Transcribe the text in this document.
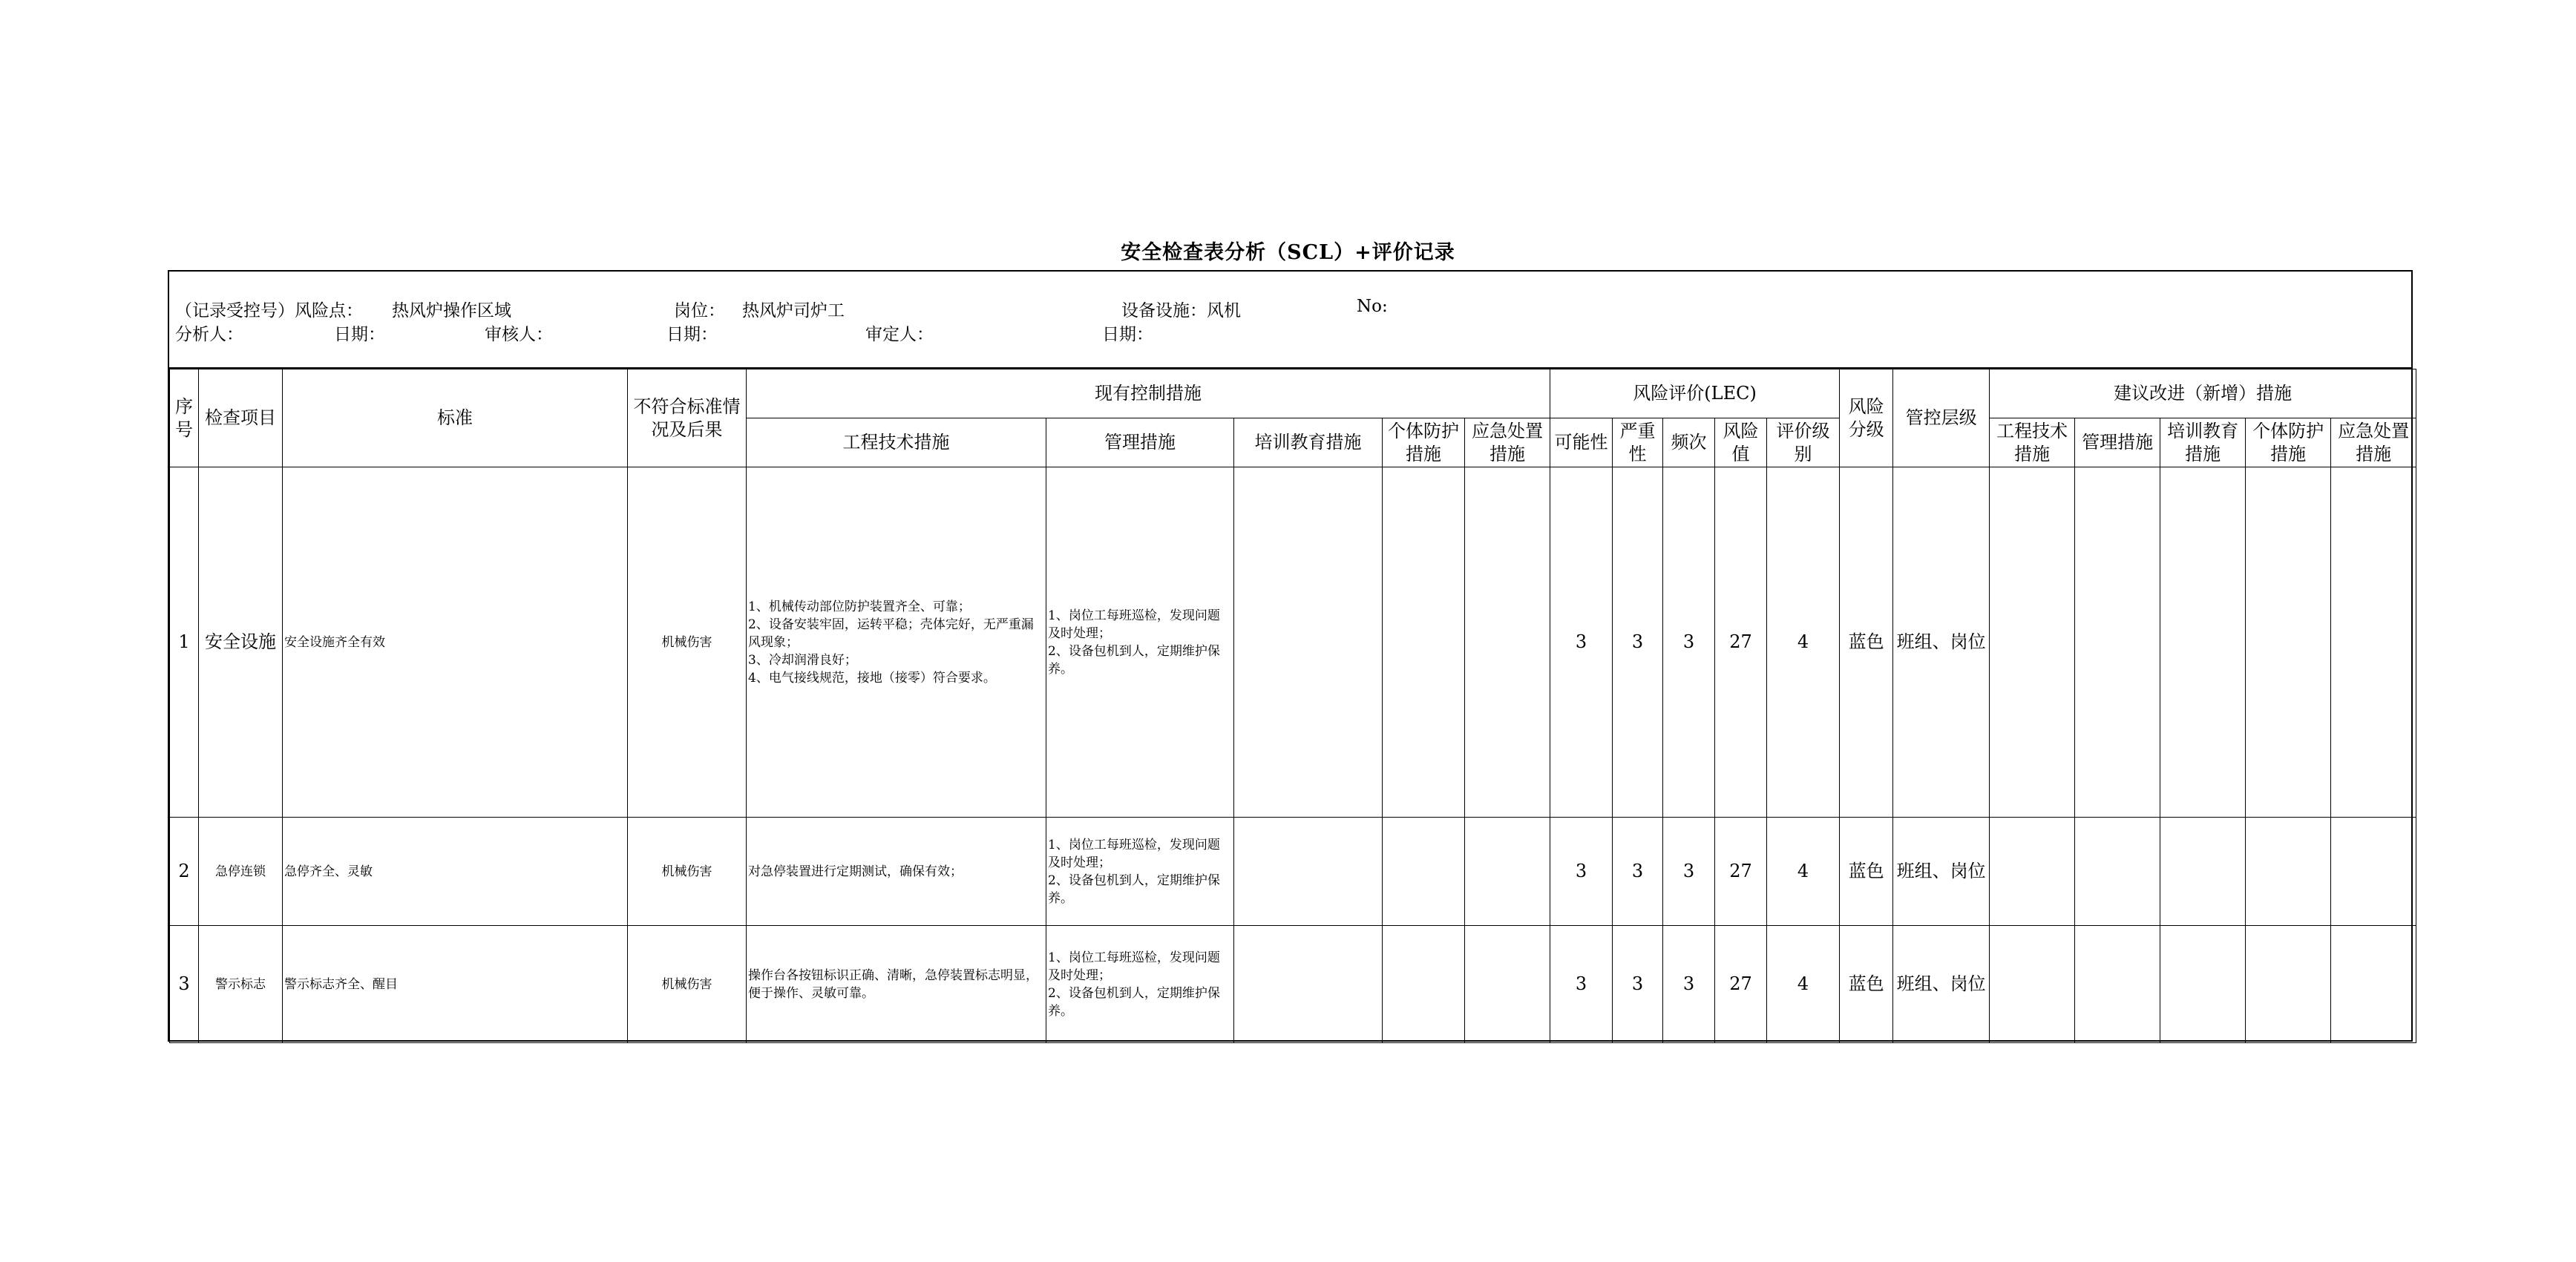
安全检查表分析（SCL）+评价记录
（记录受控号）风险点： 热风炉操作区域	岗位： 热风炉司炉工	设备设施：风机	No:
分析人：	日期：	审核人：	日期：	审定人：	日期：
序号	检查项目	标准	不符合标准情
况及后果	现有控制措施					风险评价(LEC)					风险分级	管控层级	建议改进（新增）措施				
				工程技术措施	管理措施	培训教育措施	个体防护措施	应急处置措施	可能性	严重性	频次	风险值	评价级别			工程技术措施	管理措施	培训教育措施	个体防护措施	应急处置措施
1	安全设施	安全设施齐全有效	机械伤害	1、机械传动部位防护装置齐全、可靠；
2、设备安装牢固，运转平稳；壳体完好，无严重漏风现象；
3、冷却润滑良好；
4、电气接线规范，接地（接零）符合要求。	1、岗位工每班巡检，发现问题及时处理；
2、设备包机到人，定期维护保养。				3	3	3	27	4	蓝色	班组、岗位					
2	急停连锁	急停齐全、灵敏	机械伤害	对急停装置进行定期测试，确保有效；	1、岗位工每班巡检，发现问题及时处理；
2、设备包机到人，定期维护保养。				3	3	3	27	4	蓝色	班组、岗位					
3	警示标志	警示标志齐全、醒目	机械伤害	操作台各按钮标识正确、清晰，急停装置标志明显，便于操作、灵敏可靠。	1、岗位工每班巡检，发现问题及时处理；
2、设备包机到人，定期维护保养。				3	3	3	27	4	蓝色	班组、岗位					
